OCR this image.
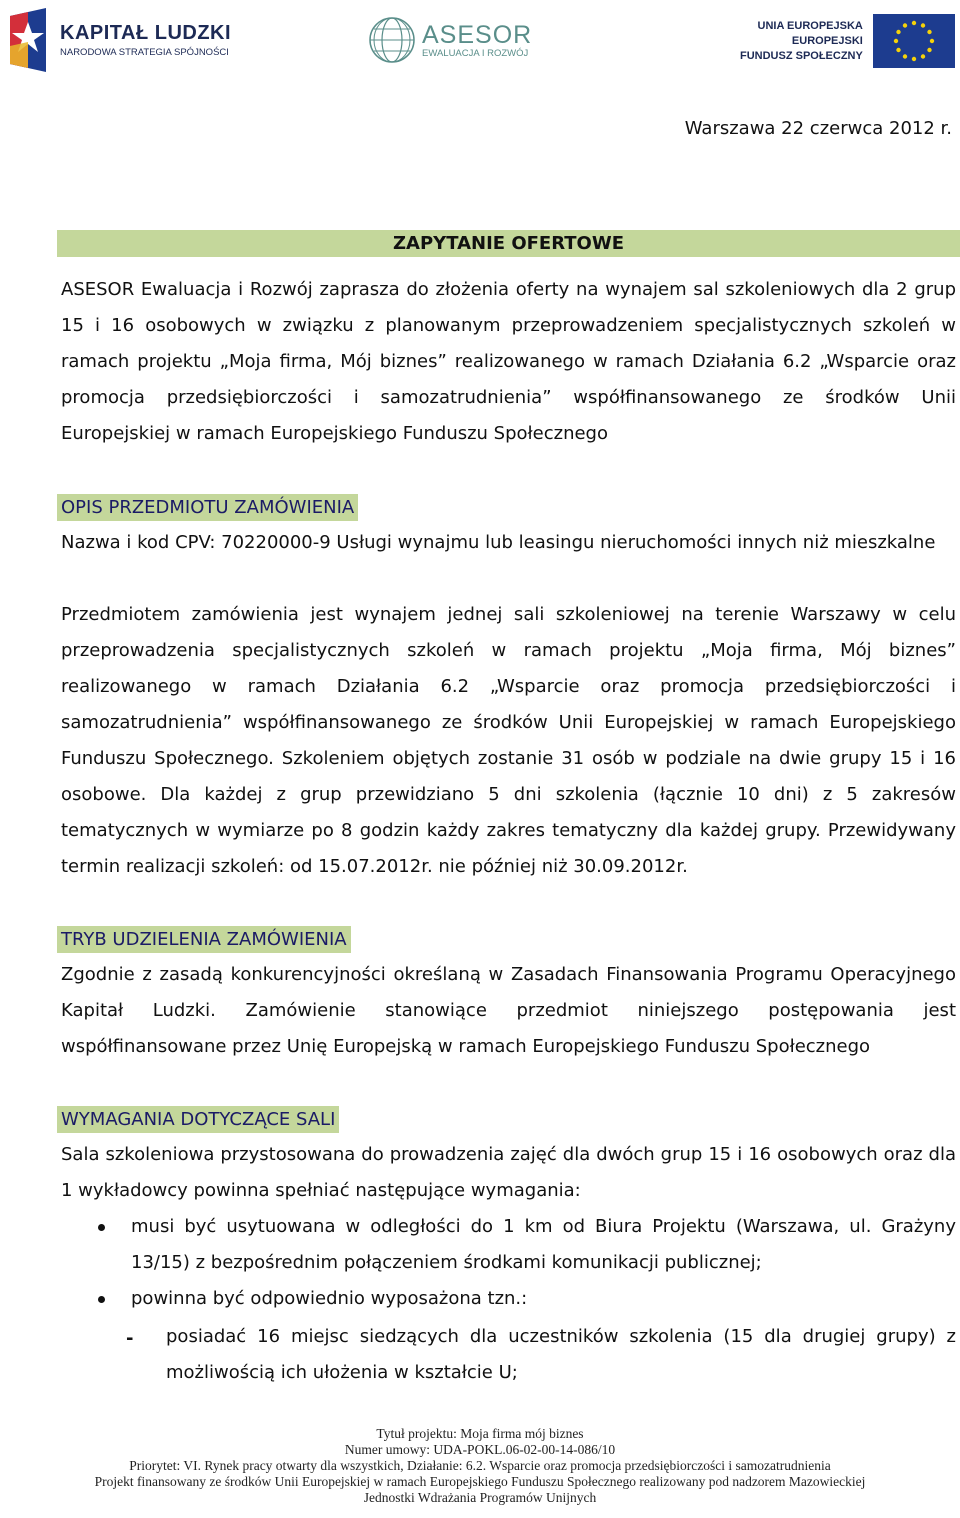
KAPITAŁ LUDZKI
NARODOWA STRATEGIA SPÓJNOŚCI
ASESOR
EWALUACJA I ROZWÓJ
UNIA EUROPEJSKA
EUROPEJSKI
FUNDUSZ SPOŁECZNY
Warszawa 22 czerwca 2012 r.
ZAPYTANIE OFERTOWE
ASESOR Ewaluacja i Rozwój zaprasza do złożenia oferty na wynajem sal szkoleniowych dla 2 grup 15 i 16 osobowych w związku z planowanym przeprowadzeniem specjalistycznych szkoleń w ramach projektu „Moja firma, Mój biznes” realizowanego w ramach Działania 6.2 „Wsparcie oraz promocja przedsiębiorczości i samozatrudnienia” współfinansowanego ze środków Unii Europejskiej w ramach Europejskiego Funduszu Społecznego
OPIS PRZEDMIOTU ZAMÓWIENIA
Nazwa i kod CPV: 70220000-9 Usługi wynajmu lub leasingu nieruchomości innych niż mieszkalne
Przedmiotem zamówienia jest wynajem jednej sali szkoleniowej na terenie Warszawy w celu przeprowadzenia specjalistycznych szkoleń w ramach projektu „Moja firma, Mój biznes” realizowanego w ramach Działania 6.2 „Wsparcie oraz promocja przedsiębiorczości i samozatrudnienia” współfinansowanego ze środków Unii Europejskiej w ramach Europejskiego Funduszu Społecznego. Szkoleniem objętych zostanie 31 osób w podziale na dwie grupy 15 i 16 osobowe. Dla każdej z grup przewidziano 5 dni szkolenia (łącznie 10 dni) z 5 zakresów tematycznych w wymiarze po 8 godzin każdy zakres tematyczny dla każdej grupy. Przewidywany termin realizacji szkoleń: od 15.07.2012r. nie później niż 30.09.2012r.
TRYB UDZIELENIA ZAMÓWIENIA
Zgodnie z zasadą konkurencyjności określaną w Zasadach Finansowania Programu Operacyjnego Kapitał Ludzki. Zamówienie stanowiące przedmiot niniejszego postępowania jest współfinansowane przez Unię Europejską w ramach Europejskiego Funduszu Społecznego
WYMAGANIA DOTYCZĄCE SALI
Sala szkoleniowa przystosowana do prowadzenia zajęć dla dwóch grup 15 i 16 osobowych oraz dla 1 wykładowcy powinna spełniać następujące wymagania:
musi być usytuowana w odległości do 1 km od Biura Projektu (Warszawa, ul. Grażyny 13/15) z bezpośrednim połączeniem środkami komunikacji publicznej;
powinna być odpowiednio wyposażona tzn.:
- posiadać 16 miejsc siedzących dla uczestników szkolenia (15 dla drugiej grupy) z możliwością ich ułożenia w kształcie U;
Tytuł projektu: Moja firma mój biznes
Numer umowy: UDA-POKL.06-02-00-14-086/10
Priorytet: VI. Rynek pracy otwarty dla wszystkich, Działanie: 6.2. Wsparcie oraz promocja przedsiębiorczości i samozatrudnienia
Projekt finansowany ze środków Unii Europejskiej w ramach Europejskiego Funduszu Społecznego realizowany pod nadzorem Mazowieckiej
Jednostki Wdrażania Programów Unijnych
